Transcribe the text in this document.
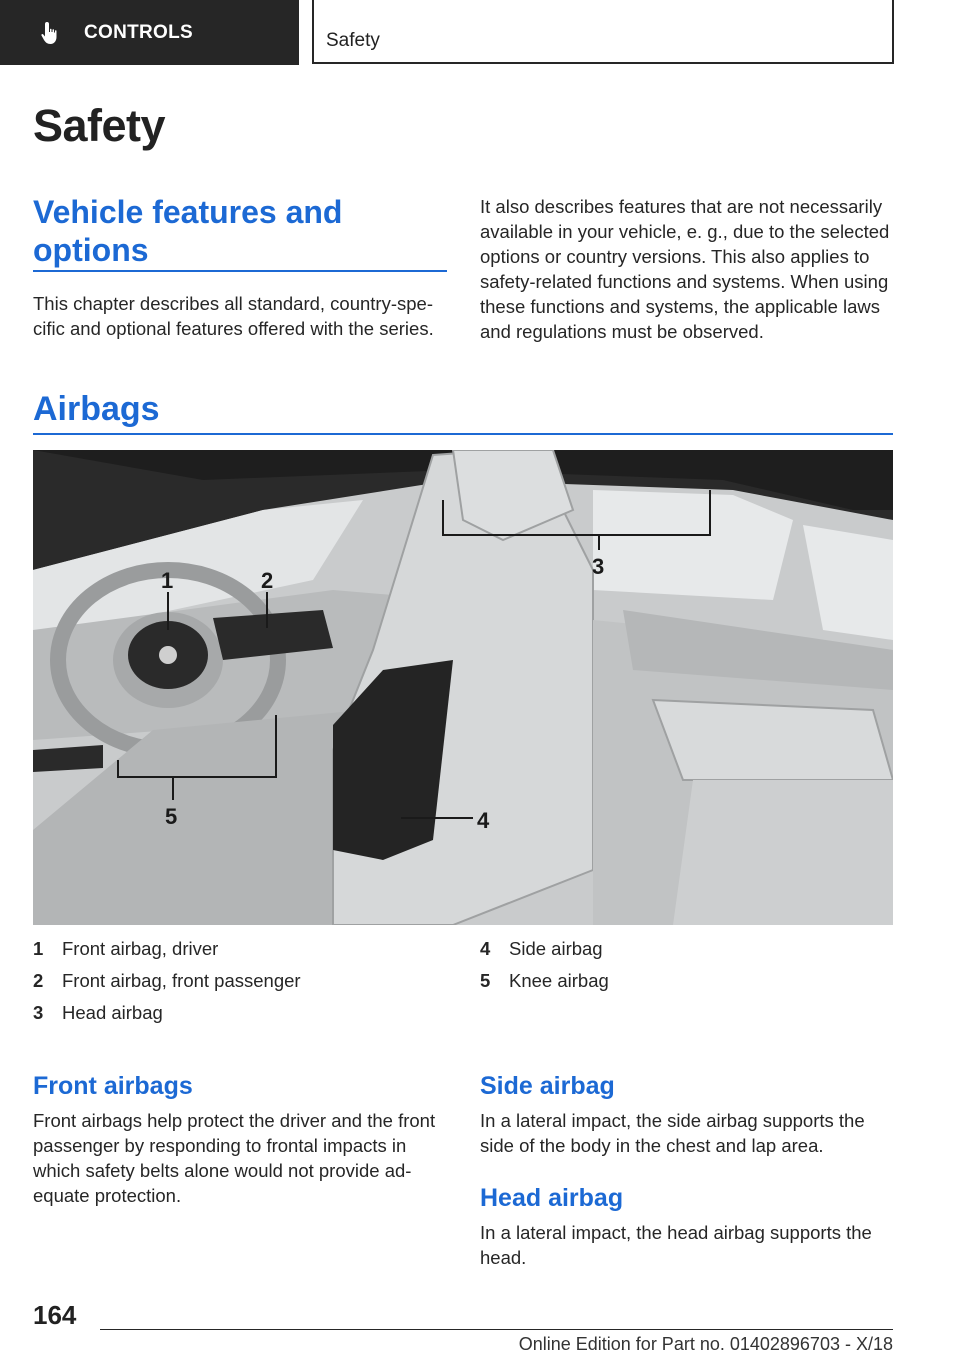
CONTROLS	Safety
Safety
Vehicle features and options
This chapter describes all standard, country-specific and optional features offered with the series.
It also describes features that are not necessarily available in your vehicle, e. g., due to the selected options or country versions. This also applies to safety-related functions and systems. When using these functions and systems, the applicable laws and regulations must be observed.
Airbags
1	2
3
4
5
1	Front airbag, driver
2	Front airbag, front passenger
3	Head airbag
4	Side airbag
5	Knee airbag
Front airbags
Front airbags help protect the driver and the front passenger by responding to frontal impacts in which safety belts alone would not provide adequate protection.
Side airbag
In a lateral impact, the side airbag supports the side of the body in the chest and lap area.
Head airbag
In a lateral impact, the head airbag supports the head.
164
Online Edition for Part no. 01402896703 - X/18
